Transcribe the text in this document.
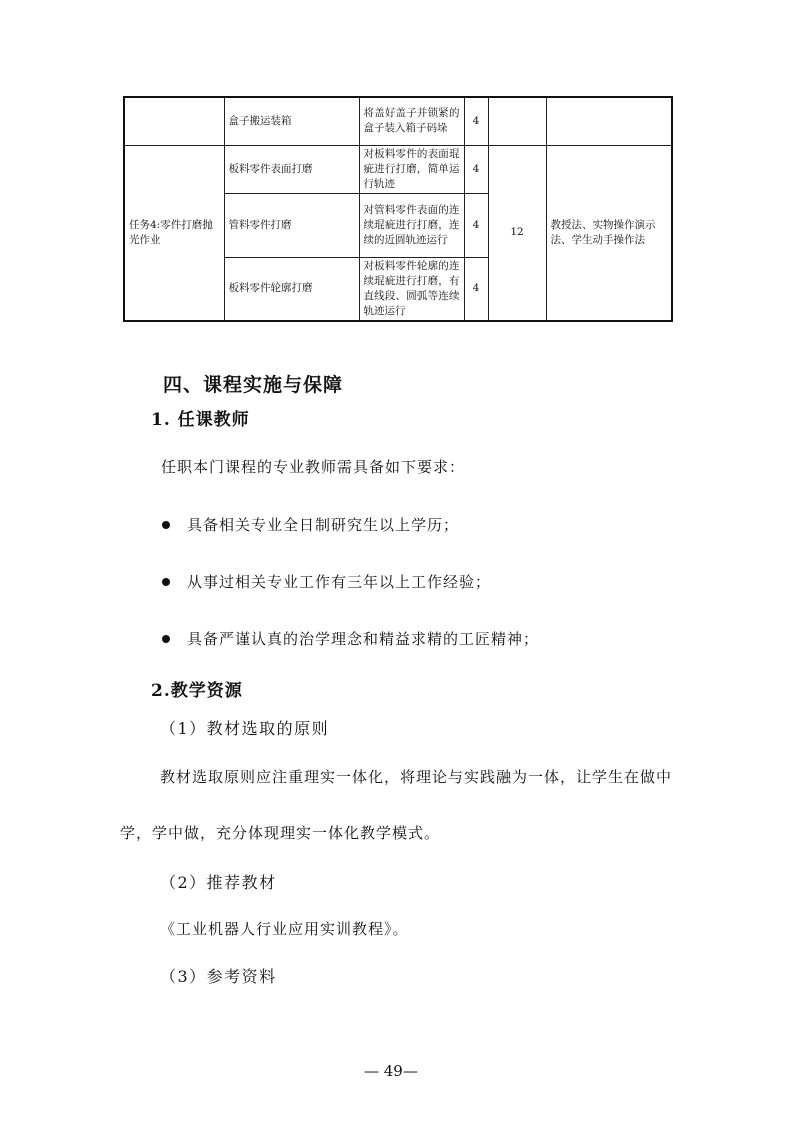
	盒子搬运装箱	将盖好盖子并锁紧的盒子装入箱子码垛	4		
任务4:零件打磨抛光作业	板料零件表面打磨	对板料零件的表面琨疵进行打磨，简单运行轨迹	4	12	教授法、实物操作演示法、学生动手操作法
	管料零件打磨	对管料零件表面的连续琨疵进行打磨，连续的近圆轨迹运行	4		
	板料零件轮廓打磨	对板料零件轮廓的连续琨疵进行打磨，有直线段、圆弧等连续轨迹运行	4		
四、课程实施与保障
1. 任课教师
任职本门课程的专业教师需具备如下要求：
具备相关专业全日制研究生以上学历；
从事过相关专业工作有三年以上工作经验；
具备严谨认真的治学理念和精益求精的工匠精神；
2.教学资源
（1）教材选取的原则
教材选取原则应注重理实一体化，将理论与实践融为一体，让学生在做中
学，学中做，充分体现理实一体化教学模式。
（2）推荐教材
《工业机器人行业应用实训教程》。
（3）参考资料
— 49—
